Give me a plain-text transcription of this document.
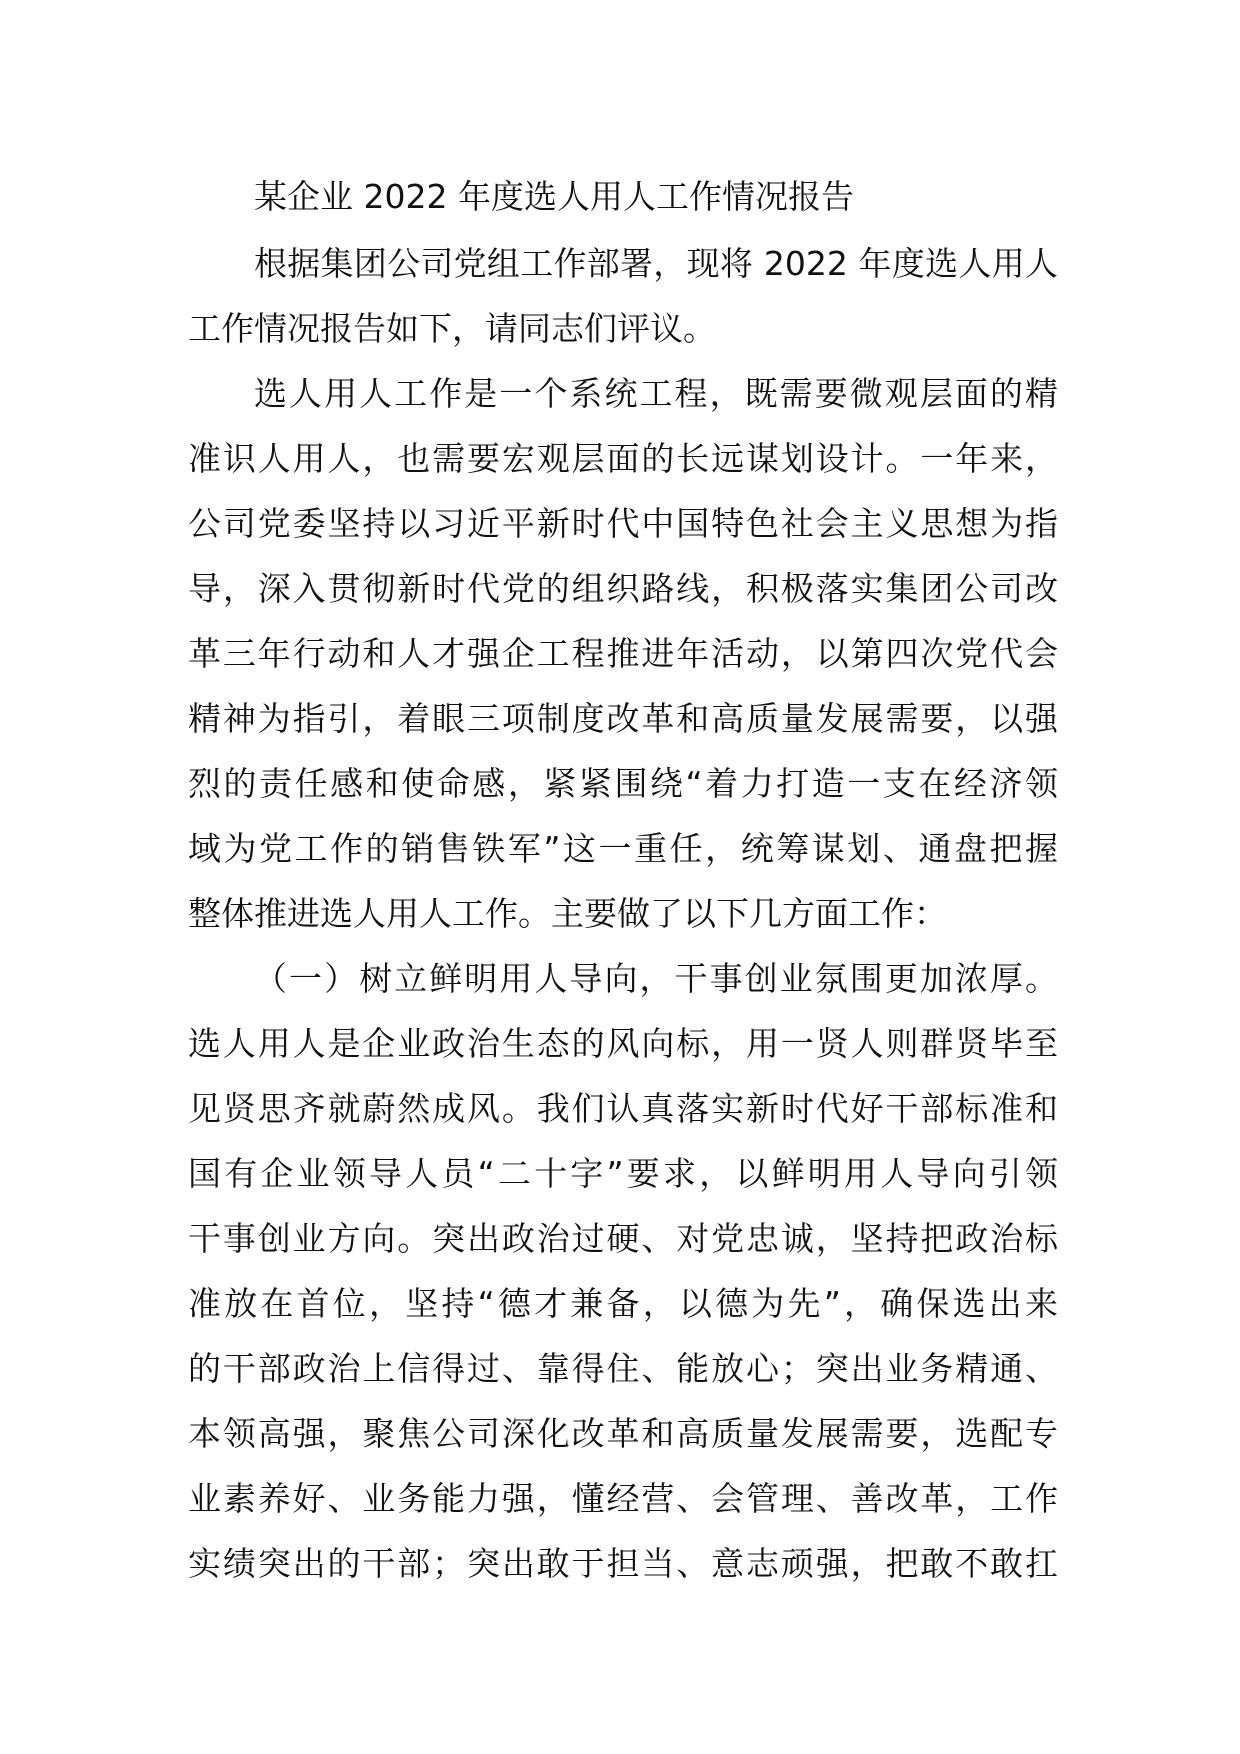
某企业 2022 年度选人用人工作情况报告
根据集团公司党组工作部署，现将 2022 年度选人用人
工作情况报告如下，请同志们评议。
选人用人工作是一个系统工程，既需要微观层面的精
准识人用人，也需要宏观层面的长远谋划设计。一年来，
公司党委坚持以习近平新时代中国特色社会主义思想为指
导，深入贯彻新时代党的组织路线，积极落实集团公司改
革三年行动和人才强企工程推进年活动，以第四次党代会
精神为指引，着眼三项制度改革和高质量发展需要，以强
烈的责任感和使命感，紧紧围绕“着力打造一支在经济领
域为党工作的销售铁军”这一重任，统筹谋划、通盘把握
整体推进选人用人工作。主要做了以下几方面工作：
（一）树立鲜明用人导向，干事创业氛围更加浓厚。
选人用人是企业政治生态的风向标，用一贤人则群贤毕至
见贤思齐就蔚然成风。我们认真落实新时代好干部标准和
国有企业领导人员“二十字”要求，以鲜明用人导向引领
干事创业方向。突出政治过硬、对党忠诚，坚持把政治标
准放在首位，坚持“德才兼备，以德为先”，确保选出来
的干部政治上信得过、靠得住、能放心；突出业务精通、
本领高强，聚焦公司深化改革和高质量发展需要，选配专
业素养好、业务能力强，懂经营、会管理、善改革，工作
实绩突出的干部；突出敢于担当、意志顽强，把敢不敢扛
